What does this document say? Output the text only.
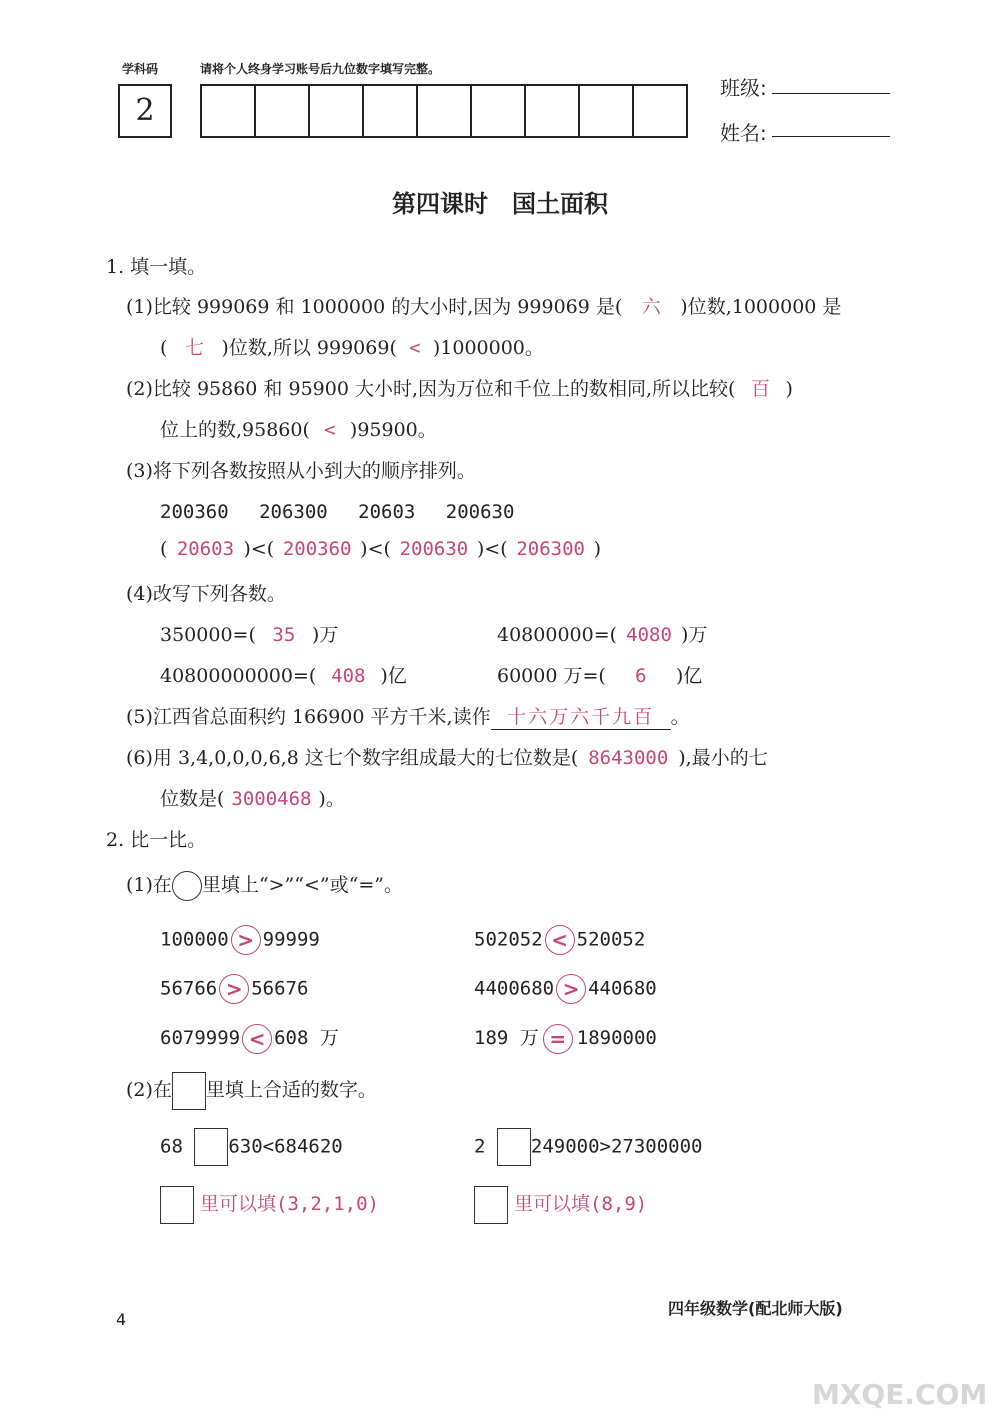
学科码	请将个人终身学习账号后九位数字填写完整。
2
班级:
姓名:
第四课时　国土面积
1. 填一填。
(1)比较 999069 和 1000000 的大小时,因为 999069 是( 六 )位数,1000000 是
( 七 )位数,所以 999069( < )1000000。
(2)比较 95860 和 95900 大小时,因为万位和千位上的数相同,所以比较( 百 )
位上的数,95860( < )95900。
(3)将下列各数按照从小到大的顺序排列。
200360　 206300　 20603　 200630
( 20603 )<( 200360 )<( 200630 )<( 206300 )
(4)改写下列各数。
350000=( 35 )万	40800000=( 4080 )万
40800000000=( 408 )亿	60000 万=( 6 )亿
(5)江西省总面积约 166900 平方千米,读作 十六万六千九百 。
(6)用 3,4,0,0,0,6,8 这七个数字组成最大的七位数是( 8643000 ),最小的七
位数是( 3000468 )。
2. 比一比。
(1)在 里填上“>”“<”或“=”。
100000 > 99999	502052 < 520052
56766 > 56676	4400680 > 440680
6079999 < 608 万	189 万 = 1890000
(2)在 里填上合适的数字。
68 630<684620	2 249000>27300000
里可以填(3,2,1,0)	里可以填(8,9)
4
四年级数学(配北师大版)
MXQE.COM
